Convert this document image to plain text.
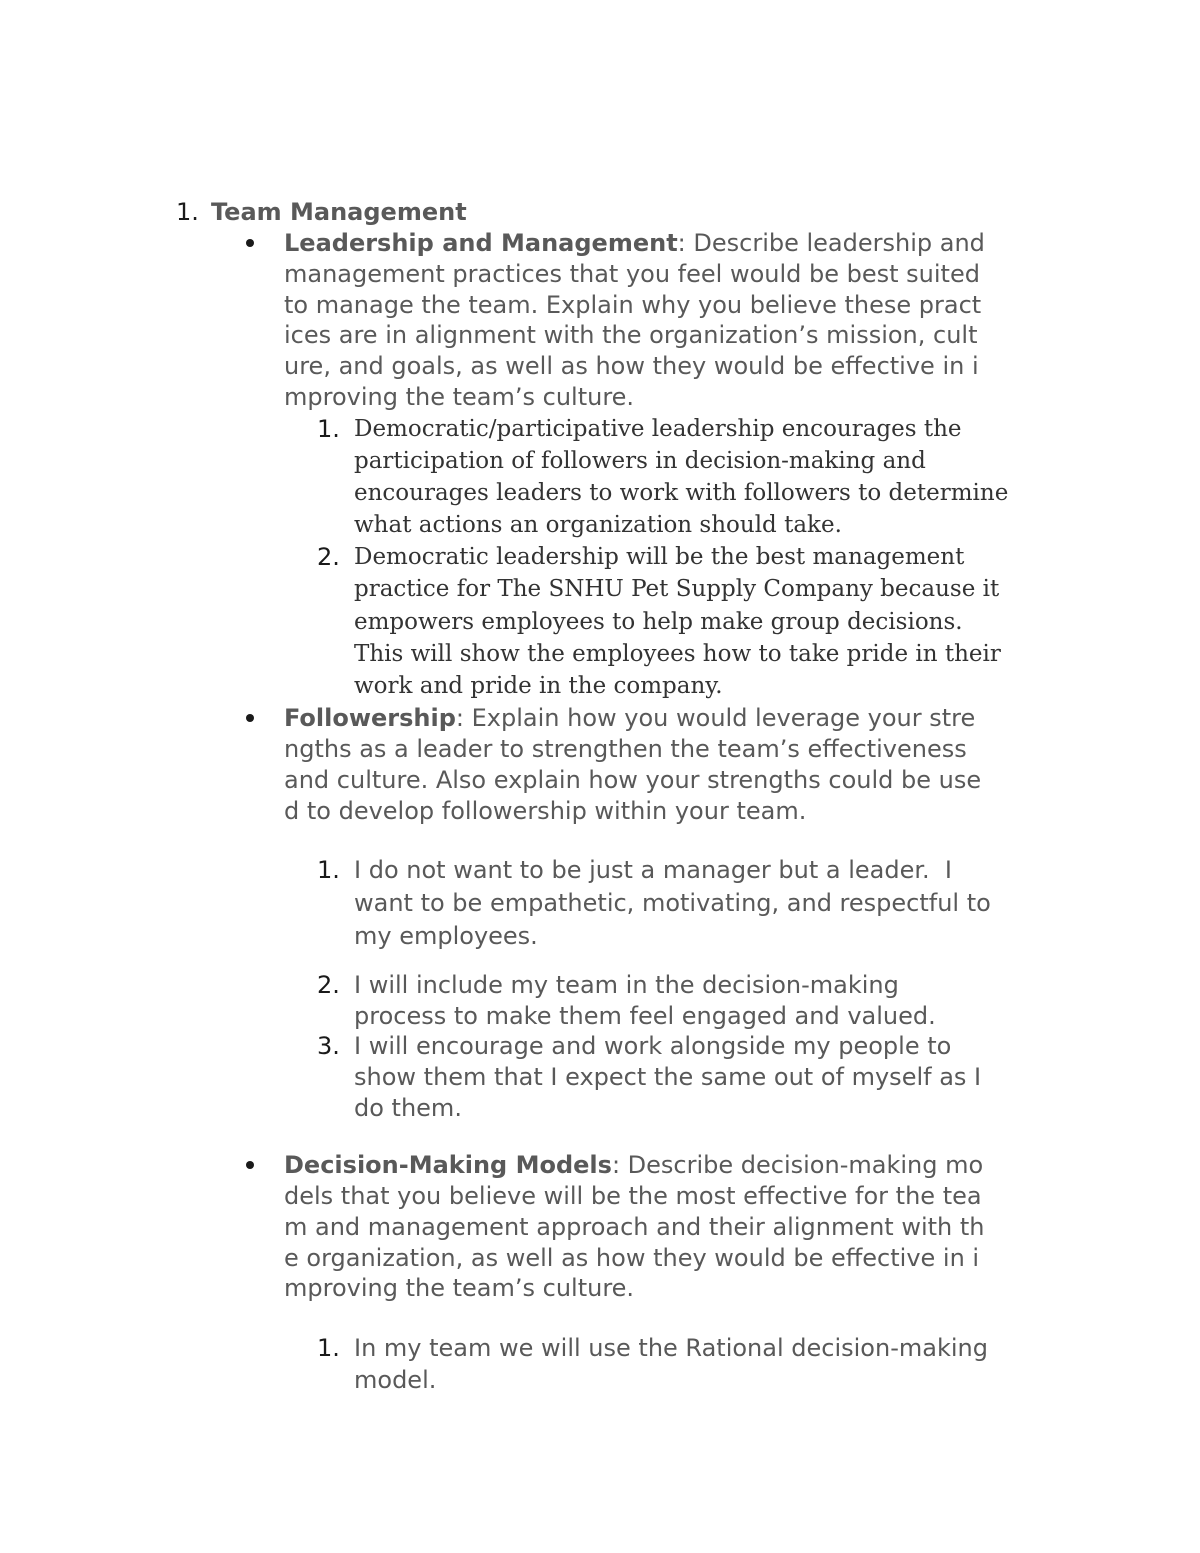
1. Team Management
Leadership and Management: Describe leadership and
management practices that you feel would be best suited
to manage the team. Explain why you believe these pract
ices are in alignment with the organization’s mission, cult
ure, and goals, as well as how they would be effective in i
mproving the team’s culture.
1. Democratic/participative leadership encourages the
participation of followers in decision-making and
encourages leaders to work with followers to determine
what actions an organization should take.
2. Democratic leadership will be the best management
practice for The SNHU Pet Supply Company because it
empowers employees to help make group decisions.
This will show the employees how to take pride in their
work and pride in the company.
Followership: Explain how you would leverage your stre
ngths as a leader to strengthen the team’s effectiveness
and culture. Also explain how your strengths could be use
d to develop followership within your team.
1. I do not want to be just a manager but a leader.  I
want to be empathetic, motivating, and respectful to
my employees.
2. I will include my team in the decision-making
process to make them feel engaged and valued.
3. I will encourage and work alongside my people to
show them that I expect the same out of myself as I
do them.
Decision-Making Models: Describe decision-making mo
dels that you believe will be the most effective for the tea
m and management approach and their alignment with th
e organization, as well as how they would be effective in i
mproving the team’s culture.
1. In my team we will use the Rational decision-making
model.
